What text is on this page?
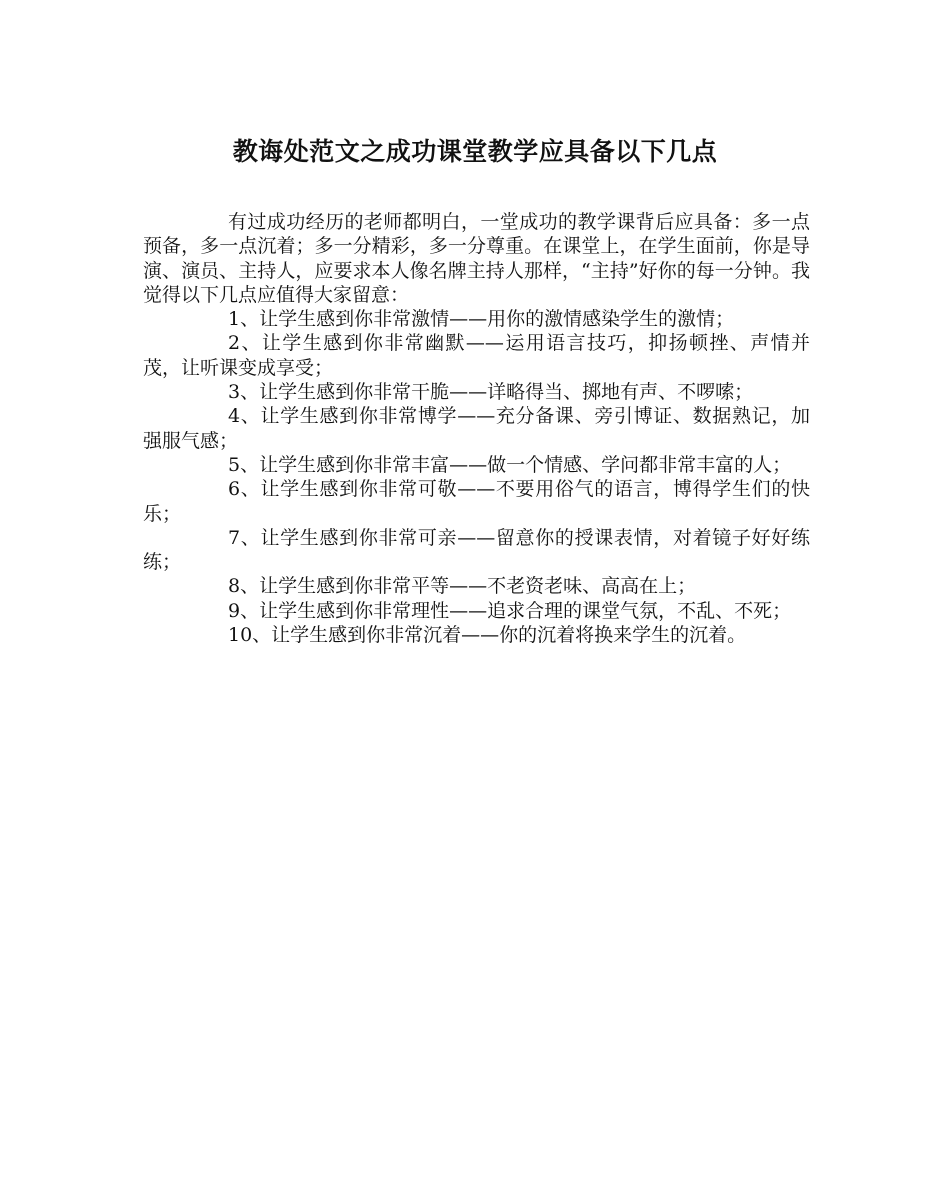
教诲处范文之成功课堂教学应具备以下几点

有过成功经历的老师都明白，一堂成功的教学课背后应具备：多一点预备，多一点沉着；多一分精彩，多一分尊重。在课堂上，在学生面前，你是导演、演员、主持人，应要求本人像名牌主持人那样，“主持”好你的每一分钟。我觉得以下几点应值得大家留意：

1、让学生感到你非常激情——用你的激情感染学生的激情；

2、让学生感到你非常幽默——运用语言技巧，抑扬顿挫、声情并茂，让听课变成享受；

3、让学生感到你非常干脆——详略得当、掷地有声、不啰嗦；

4、让学生感到你非常博学——充分备课、旁引博证、数据熟记，加强服气感；

5、让学生感到你非常丰富——做一个情感、学问都非常丰富的人；

6、让学生感到你非常可敬——不要用俗气的语言，博得学生们的快乐；

7、让学生感到你非常可亲——留意你的授课表情，对着镜子好好练练；

8、让学生感到你非常平等——不老资老味、高高在上；

9、让学生感到你非常理性——追求合理的课堂气氛，不乱、不死；

10、让学生感到你非常沉着——你的沉着将换来学生的沉着。
